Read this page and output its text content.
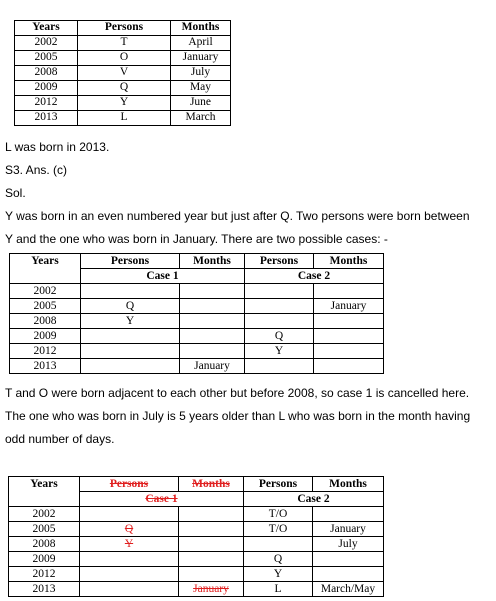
Years	Persons	Months
2002	T	April
2005	O	January
2008	V	July
2009	Q	May
2012	Y	June
2013	L	March
L was born in 2013.
S3. Ans. (c)
Sol.
Y was born in an even numbered year but just after Q. Two persons were born between
Y and the one who was born in January. There are two possible cases: -
Years	Persons	Months	Persons	Months
	Case 1		Case 2	
2002				
2005	Q			January
2008	Y			
2009			Q	
2012			Y	
2013		January		
T and O were born adjacent to each other but before 2008, so case 1 is cancelled here.
The one who was born in July is 5 years older than L who was born in the month having
odd number of days.
Years	Persons	Months	Persons	Months
	Case 1		Case 2	
2002			T/O	
2005	Q		T/O	January
2008	Y			July
2009			Q	
2012			Y	
2013		January	L	March/May
